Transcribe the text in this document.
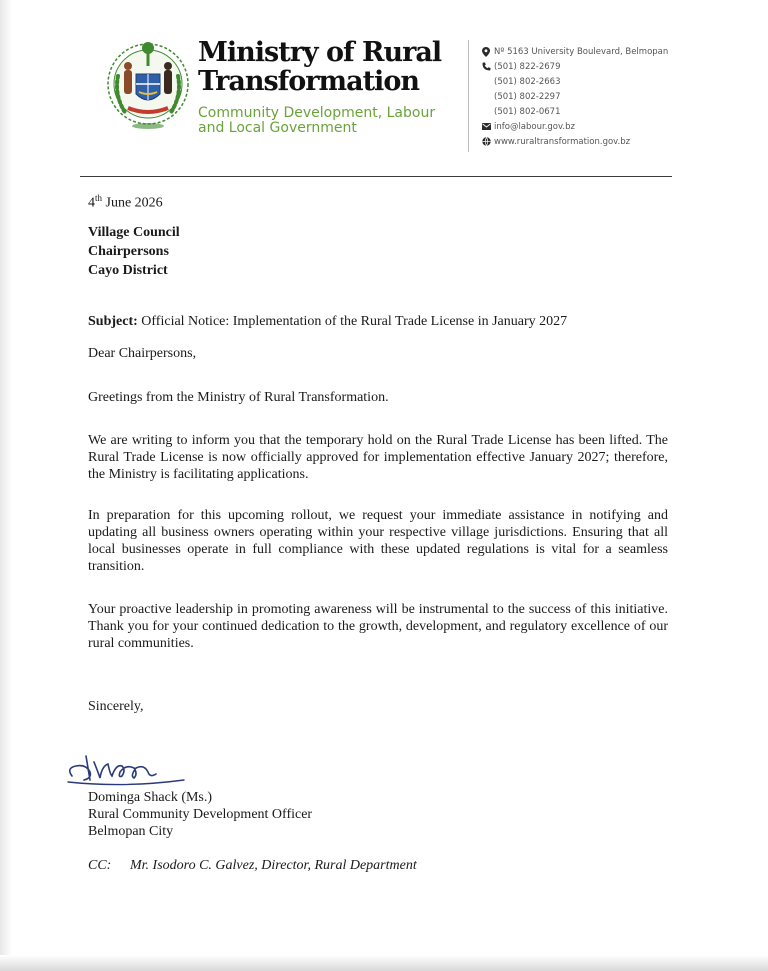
Ministry of Rural
Transformation
Community Development, Labour
and Local Government
Nº 5163 University Boulevard, Belmopan
(501) 822-2679
(501) 802-2663
(501) 802-2297
(501) 802-0671
info@labour.gov.bz
www.ruraltransformation.gov.bz
4th June 2026
Village Council
Chairpersons
Cayo District
Subject: Official Notice: Implementation of the Rural Trade License in January 2027
Dear Chairpersons,
Greetings from the Ministry of Rural Transformation.
We are writing to inform you that the temporary hold on the Rural Trade License has been lifted. The Rural Trade License is now officially approved for implementation effective January 2027; therefore, the Ministry is facilitating applications.
In preparation for this upcoming rollout, we request your immediate assistance in notifying and updating all business owners operating within your respective village jurisdictions. Ensuring that all local businesses operate in full compliance with these updated regulations is vital for a seamless transition.
Your proactive leadership in promoting awareness will be instrumental to the success of this initiative. Thank you for your continued dedication to the growth, development, and regulatory excellence of our rural communities.
Sincerely,
Dominga Shack (Ms.)
Rural Community Development Officer
Belmopan City
CC: Mr. Isodoro C. Galvez, Director, Rural Department
